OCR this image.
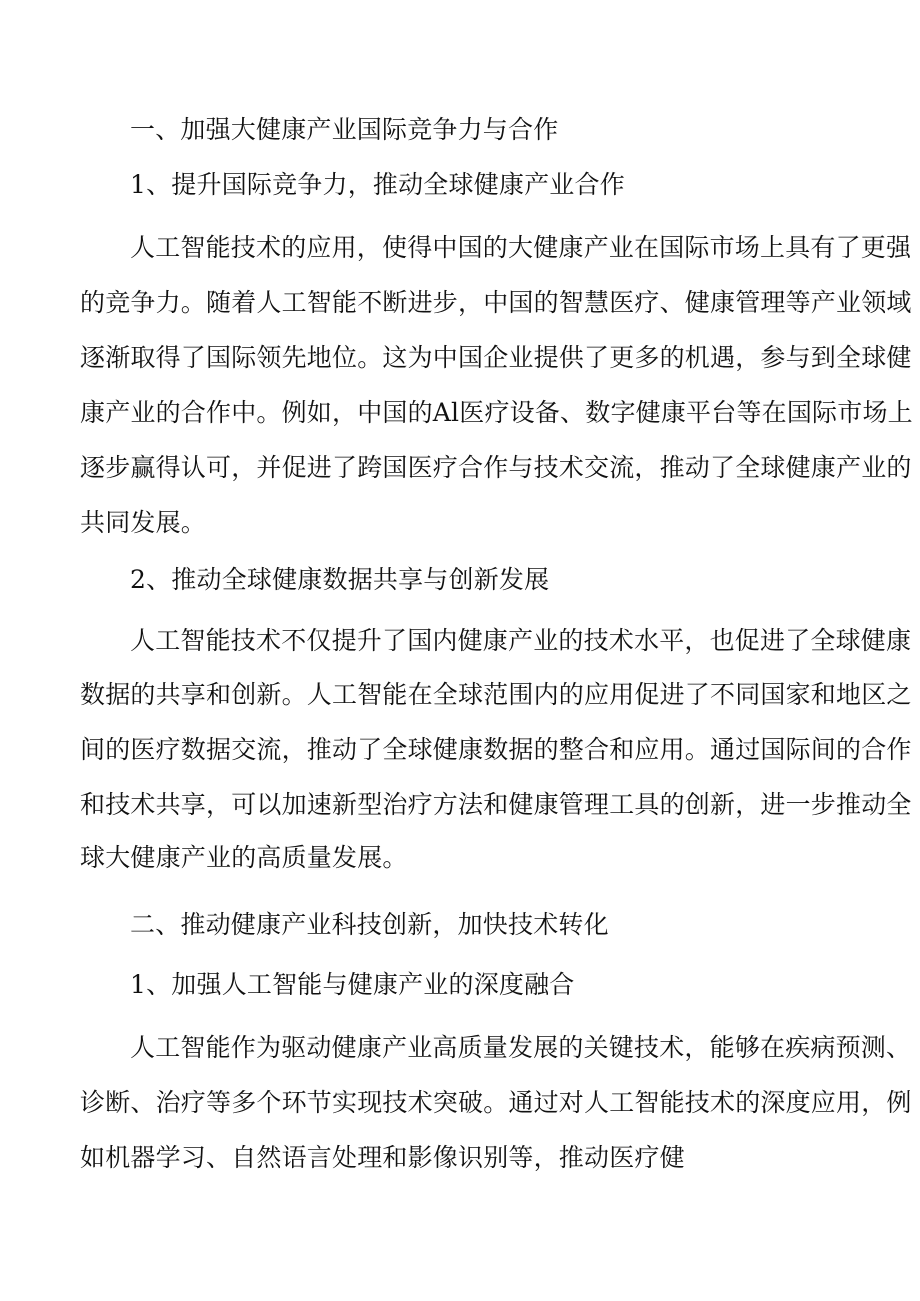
一、加强大健康产业国际竞争力与合作
1、提升国际竞争力，推动全球健康产业合作
人工智能技术的应用，使得中国的大健康产业在国际市场上具有了更强
的竞争力。随着人工智能不断进步，中国的智慧医疗、健康管理等产业领域
逐渐取得了国际领先地位。这为中国企业提供了更多的机遇，参与到全球健
康产业的合作中。例如，中国的Al医疗设备、数字健康平台等在国际市场上
逐步赢得认可，并促进了跨国医疗合作与技术交流，推动了全球健康产业的
共同发展。
2、推动全球健康数据共享与创新发展
人工智能技术不仅提升了国内健康产业的技术水平，也促进了全球健康
数据的共享和创新。人工智能在全球范围内的应用促进了不同国家和地区之
间的医疗数据交流，推动了全球健康数据的整合和应用。通过国际间的合作
和技术共享，可以加速新型治疗方法和健康管理工具的创新，进一步推动全
球大健康产业的高质量发展。
二、推动健康产业科技创新，加快技术转化
1、加强人工智能与健康产业的深度融合
人工智能作为驱动健康产业高质量发展的关键技术，能够在疾病预测、
诊断、治疗等多个环节实现技术突破。通过对人工智能技术的深度应用，例
如机器学习、自然语言处理和影像识别等，推动医疗健
